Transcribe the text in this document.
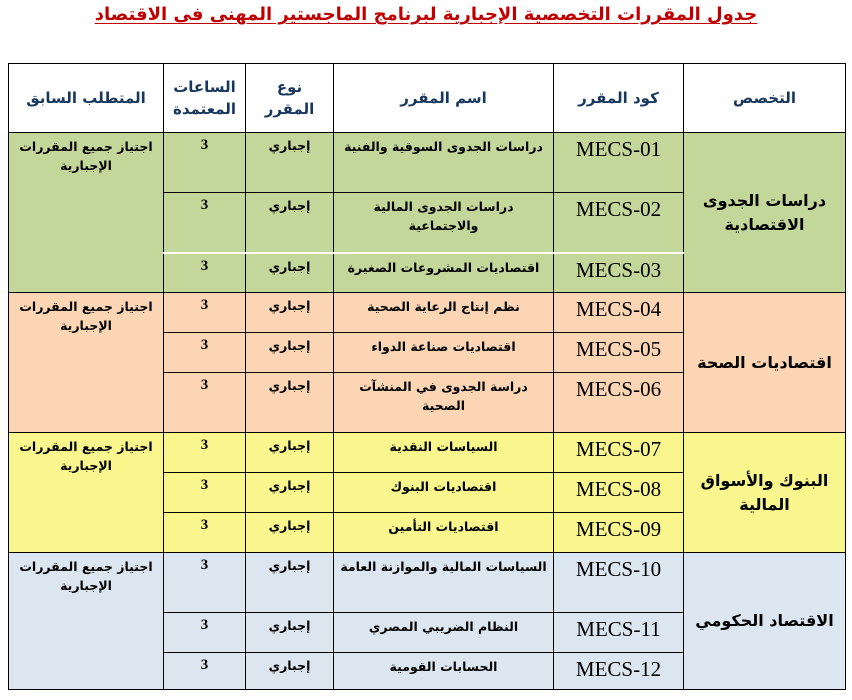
جدول المقررات التخصصية الإجبارية لبرنامج الماجستير المهنى فى الاقتصاد
التخصص	كود المقرر	اسم المقرر	نوع المقرر	الساعات المعتمدة	المتطلب السابق
دراسات الجدوى الاقتصادية	MECS-01	دراسات الجدوى السوقية والفنية	إجباري	3	اجتياز جميع المقررات الإجبارية
	MECS-02	دراسات الجدوى المالية والاجتماعية	إجباري	3	
	MECS-03	اقتصاديات المشروعات الصغيرة	إجباري	3	
اقتصاديات الصحة	MECS-04	نظم إنتاج الرعاية الصحية	إجباري	3	اجتياز جميع المقررات الإجبارية
	MECS-05	اقتصاديات صناعة الدواء	إجباري	3	
	MECS-06	دراسة الجدوى في المنشآت الصحية	إجباري	3	
البنوك والأسواق المالية	MECS-07	السياسات النقدية	إجباري	3	اجتياز جميع المقررات الإجبارية
	MECS-08	اقتصاديات البنوك	إجباري	3	
	MECS-09	اقتصاديات التأمين	إجباري	3	
الاقتصاد الحكومي	MECS-10	السياسات المالية والموازنة العامة	إجباري	3	اجتياز جميع المقررات الإجبارية
	MECS-11	النظام الضريبي المصري	إجباري	3	
	MECS-12	الحسابات القومية	إجباري	3	
